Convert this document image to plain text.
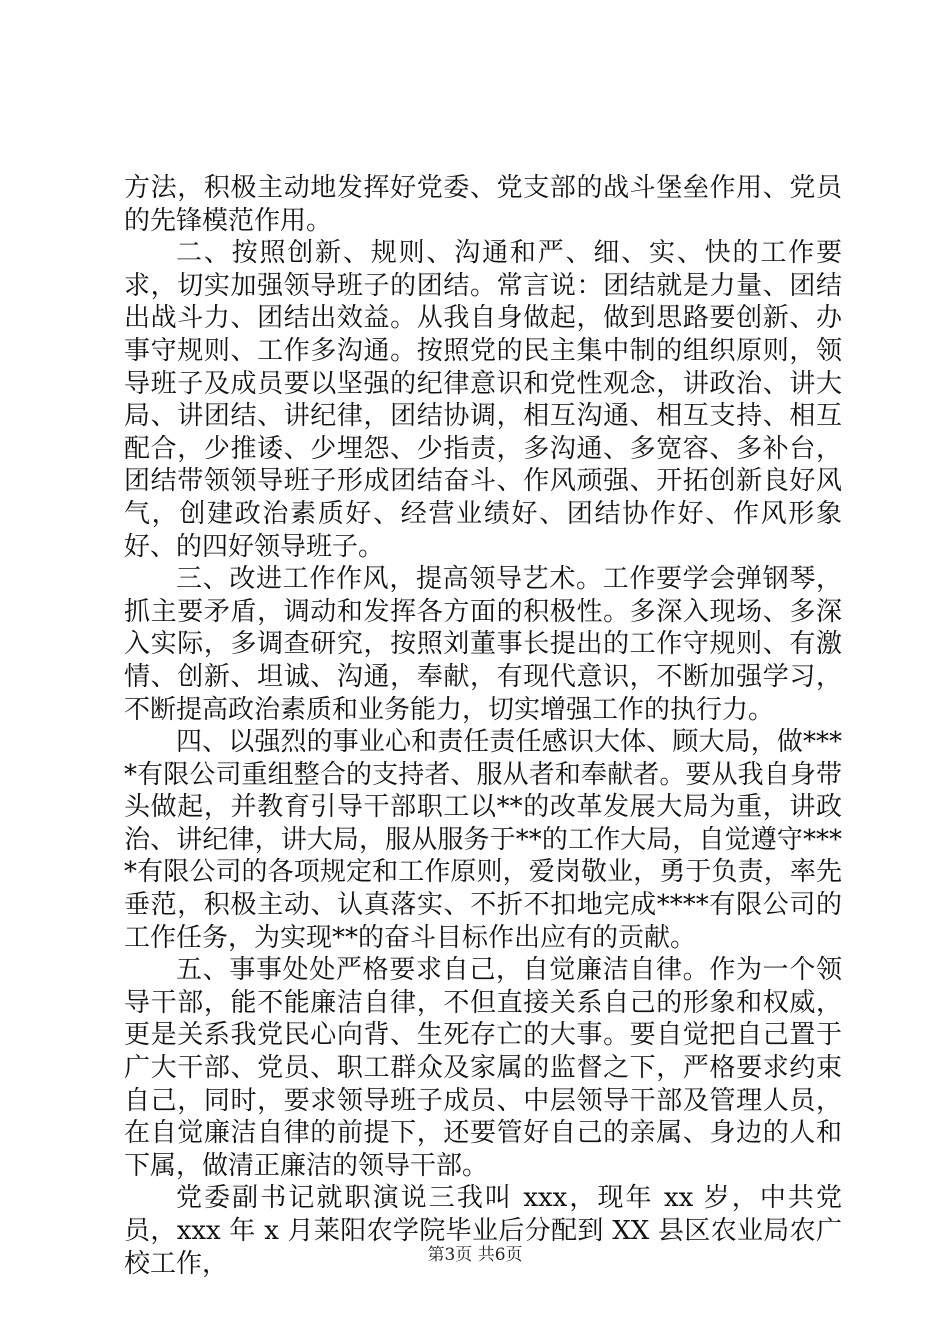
方法，积极主动地发挥好党委、党支部的战斗堡垒作用、党员的先锋模范作用。

二、按照创新、规则、沟通和严、细、实、快的工作要求，切实加强领导班子的团结。常言说：团结就是力量、团结出战斗力、团结出效益。从我自身做起，做到思路要创新、办事守规则、工作多沟通。按照党的民主集中制的组织原则，领导班子及成员要以坚强的纪律意识和党性观念，讲政治、讲大局、讲团结、讲纪律，团结协调，相互沟通、相互支持、相互配合，少推诿、少埋怨、少指责，多沟通、多宽容、多补台，团结带领领导班子形成团结奋斗、作风顽强、开拓创新良好风气，创建政治素质好、经营业绩好、团结协作好、作风形象好、的四好领导班子。

三、改进工作作风，提高领导艺术。工作要学会弹钢琴，抓主要矛盾，调动和发挥各方面的积极性。多深入现场、多深入实际，多调查研究，按照刘董事长提出的工作守规则、有激情、创新、坦诚、沟通，奉献，有现代意识，不断加强学习，不断提高政治素质和业务能力，切实增强工作的执行力。

四、以强烈的事业心和责任责任感识大体、顾大局，做****有限公司重组整合的支持者、服从者和奉献者。要从我自身带头做起，并教育引导干部职工以**的改革发展大局为重，讲政治、讲纪律，讲大局，服从服务于**的工作大局，自觉遵守****有限公司的各项规定和工作原则，爱岗敬业，勇于负责，率先垂范，积极主动、认真落实、不折不扣地完成****有限公司的工作任务，为实现**的奋斗目标作出应有的贡献。

五、事事处处严格要求自己，自觉廉洁自律。作为一个领导干部，能不能廉洁自律，不但直接关系自己的形象和权威，更是关系我党民心向背、生死存亡的大事。要自觉把自己置于广大干部、党员、职工群众及家属的监督之下，严格要求约束自己，同时，要求领导班子成员、中层领导干部及管理人员，在自觉廉洁自律的前提下，还要管好自己的亲属、身边的人和下属，做清正廉洁的领导干部。

党委副书记就职演说三我叫 xxx，现年 xx 岁，中共党员，xxx 年 x 月莱阳农学院毕业后分配到 XX 县区农业局农广校工作，	第3页 共6页
